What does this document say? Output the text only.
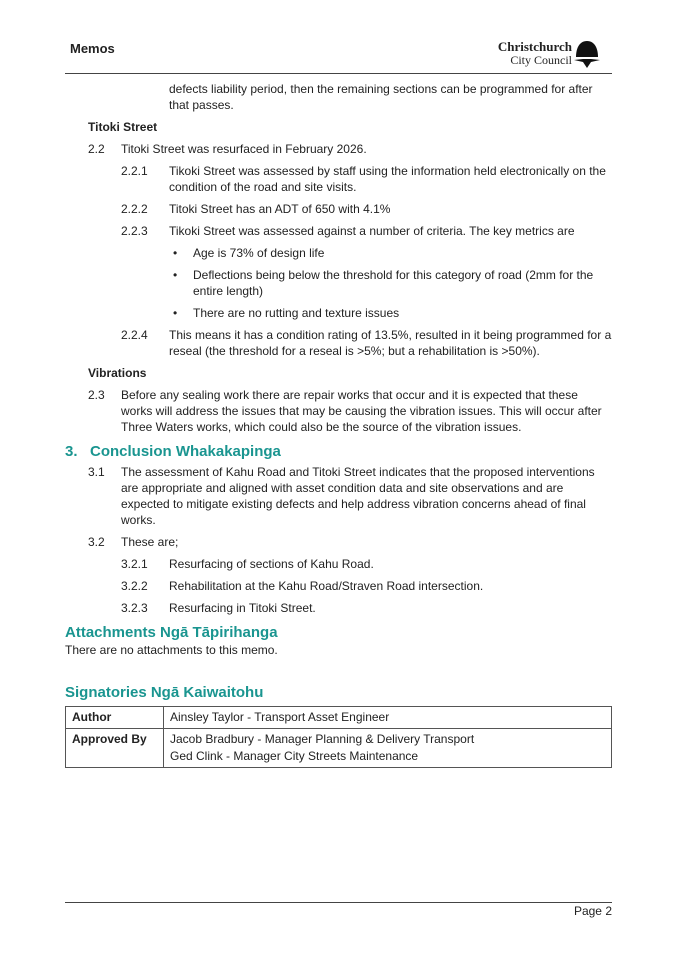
Memos	Christchurch
City Council
defects liability period, then the remaining sections can be programmed for after that passes.
Titoki Street
2.2	Titoki Street was resurfaced in February 2026.
2.2.1	Tikoki Street was assessed by staff using the information held electronically on the condition of the road and site visits.
2.2.2	Titoki Street has an ADT of 650 with 4.1%
2.2.3	Tikoki Street was assessed against a number of criteria. The key metrics are
•	Age is 73% of design life
•	Deflections being below the threshold for this category of road (2mm for the entire length)
•	There are no rutting and texture issues
2.2.4	This means it has a condition rating of 13.5%, resulted in it being programmed for a reseal (the threshold for a reseal is >5%; but a rehabilitation is >50%).
Vibrations
2.3	Before any sealing work there are repair works that occur and it is expected that these works will address the issues that may be causing the vibration issues. This will occur after Three Waters works, which could also be the source of the vibration issues.
3.   Conclusion Whakakapinga
3.1	The assessment of Kahu Road and Titoki Street indicates that the proposed interventions are appropriate and aligned with asset condition data and site observations and are expected to mitigate existing defects and help address vibration concerns ahead of final works.
3.2	These are;
3.2.1	Resurfacing of sections of Kahu Road.
3.2.2	Rehabilitation at the Kahu Road/Straven Road intersection.
3.2.3	Resurfacing in Titoki Street.
Attachments Ngā Tāpirihanga
There are no attachments to this memo.
Signatories Ngā Kaiwaitohu
Author	Ainsley Taylor - Transport Asset Engineer
Approved By	Jacob Bradbury - Manager Planning & Delivery Transport
Ged Clink - Manager City Streets Maintenance
Page 2
